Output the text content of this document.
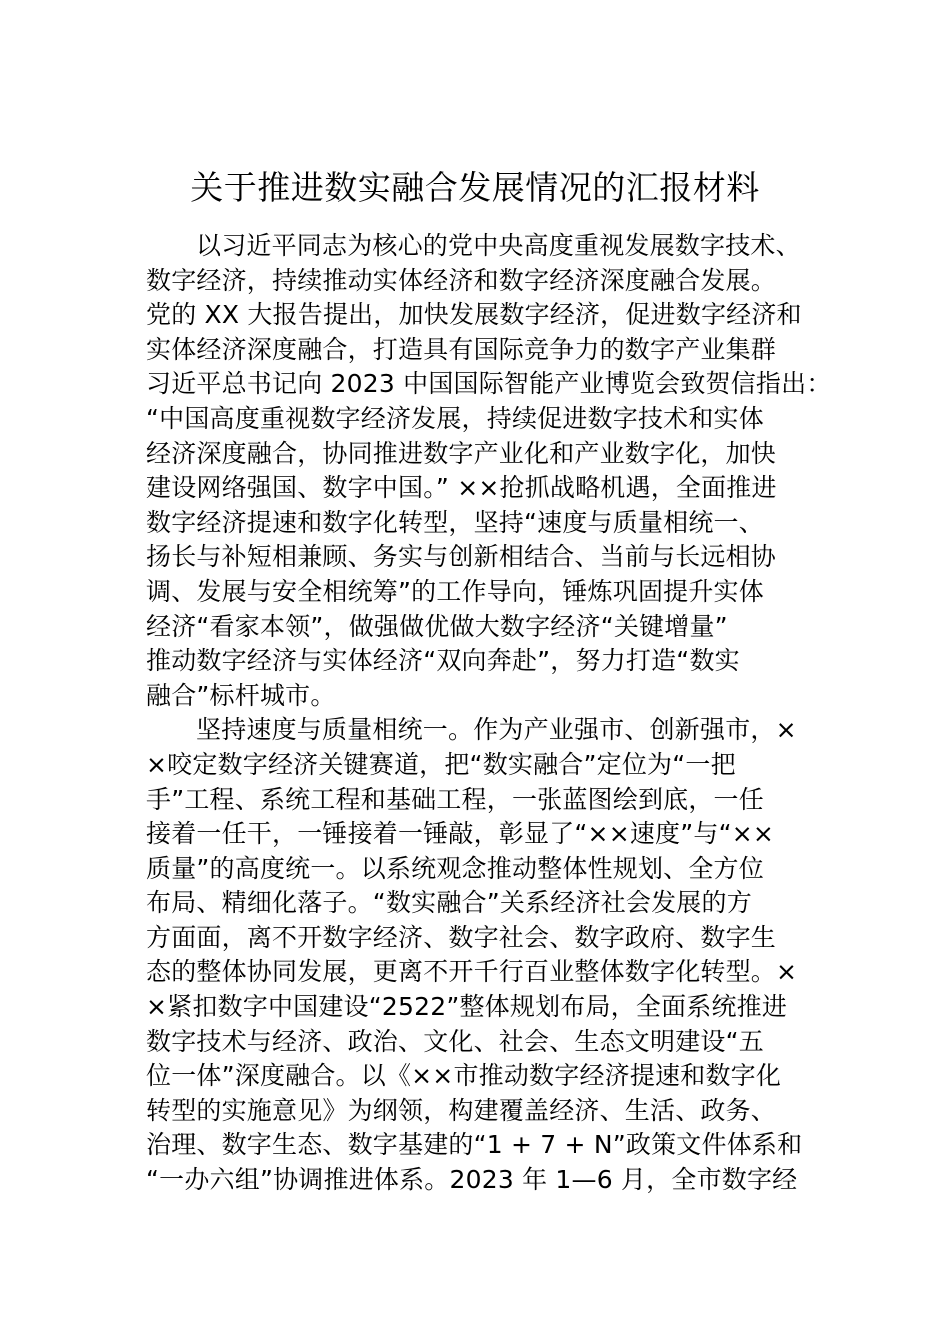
关于推进数实融合发展情况的汇报材料
以习近平同志为核心的党中央高度重视发展数字技术、
数字经济，持续推动实体经济和数字经济深度融合发展。
党的 XX 大报告提出，加快发展数字经济，促进数字经济和
实体经济深度融合，打造具有国际竞争力的数字产业集群
习近平总书记向 2023 中国国际智能产业博览会致贺信指出：
“中国高度重视数字经济发展，持续促进数字技术和实体
经济深度融合，协同推进数字产业化和产业数字化，加快
建设网络强国、数字中国。” ××抢抓战略机遇，全面推进
数字经济提速和数字化转型，坚持“速度与质量相统一、
扬长与补短相兼顾、务实与创新相结合、当前与长远相协
调、发展与安全相统筹”的工作导向，锤炼巩固提升实体
经济“看家本领”，做强做优做大数字经济“关键增量”
推动数字经济与实体经济“双向奔赴”，努力打造“数实
融合”标杆城市。
坚持速度与质量相统一。作为产业强市、创新强市，×
×咬定数字经济关键赛道，把“数实融合”定位为“一把
手”工程、系统工程和基础工程，一张蓝图绘到底，一任
接着一任干，一锤接着一锤敲，彰显了“××速度”与“××
质量”的高度统一。以系统观念推动整体性规划、全方位
布局、精细化落子。“数实融合”关系经济社会发展的方
方面面，离不开数字经济、数字社会、数字政府、数字生
态的整体协同发展，更离不开千行百业整体数字化转型。×
×紧扣数字中国建设“2522”整体规划布局，全面系统推进
数字技术与经济、政治、文化、社会、生态文明建设“五
位一体”深度融合。以《××市推动数字经济提速和数字化
转型的实施意见》为纲领，构建覆盖经济、生活、政务、
治理、数字生态、数字基建的“1 + 7 + N”政策文件体系和
“一办六组”协调推进体系。2023 年 1—6 月，全市数字经
